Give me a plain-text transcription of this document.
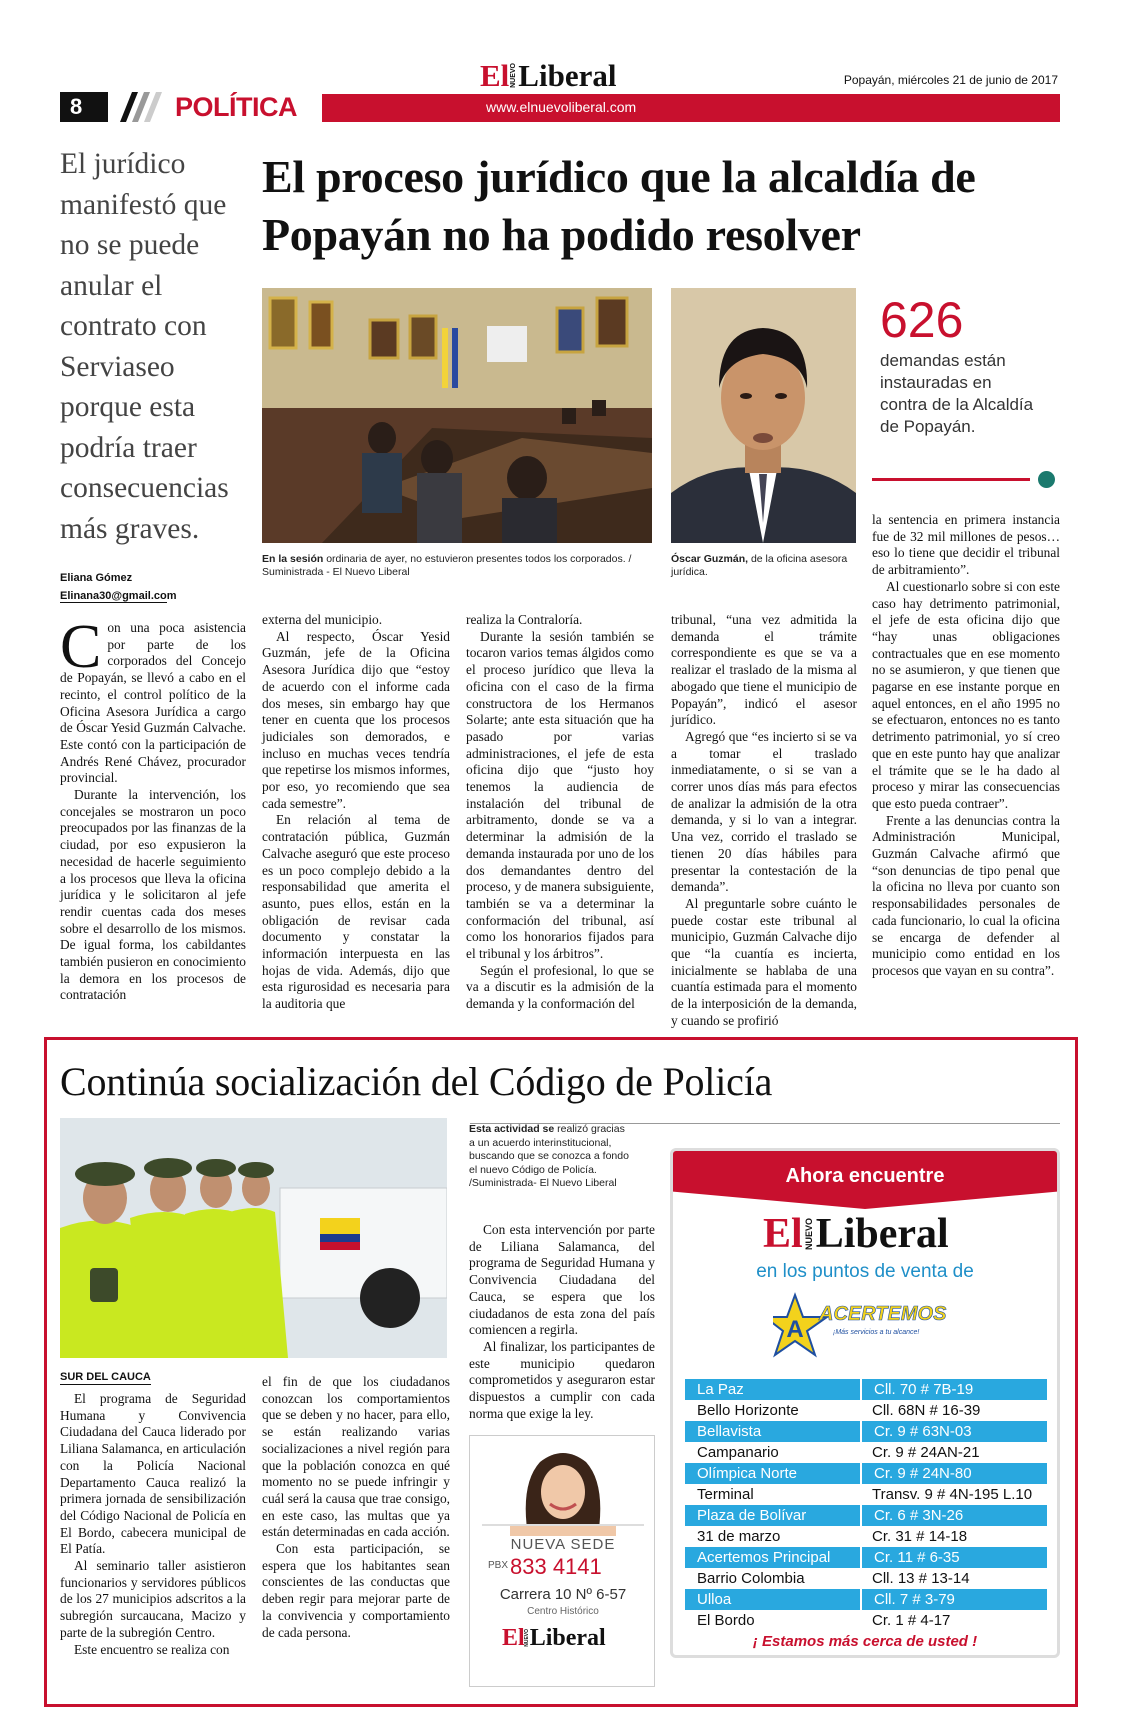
8	POLÍTICA
El NUEVO Liberal
www.elnuevoliberal.com
Popayán, miércoles 21 de junio de 2017
El jurídico manifestó que no se puede anular el contrato con Serviaseo porque esta podría traer consecuencias más graves.
El proceso jurídico que la alcaldía de Popayán no ha podido resolver
Eliana Gómez
Elinana30@gmail.com
En la sesión ordinaria de ayer, no estuvieron presentes todos los corporados. / Suministrada - El Nuevo Liberal
Óscar Guzmán, de la oficina asesora jurídica.
626
demandas están instauradas en contra de la Alcaldía de Popayán.

Con una poca asistencia por parte de los corporados del Concejo de Popayán, se llevó a cabo en el recinto, el control político de la Oficina Asesora Jurídica a cargo de Óscar Yesid Guzmán Calvache. Este contó con la participación de Andrés René Chávez, procurador provincial.

Durante la intervención, los concejales se mostraron un poco preocupados por las finanzas de la ciudad, por eso expusieron la necesidad de hacerle seguimiento a los procesos que lleva la oficina jurídica y le solicitaron al jefe rendir cuentas cada dos meses sobre el desarrollo de los mismos. De igual forma, los cabildantes también pusieron en conocimiento la demora en los procesos de contratación

externa del municipio.

Al respecto, Óscar Yesid Guzmán, jefe de la Oficina Asesora Jurídica dijo que “estoy de acuerdo con el informe cada dos meses, sin embargo hay que tener en cuenta que los procesos judiciales son demorados, e incluso en muchas veces tendría que repetirse los mismos informes, por eso, yo recomiendo que sea cada semestre”.

En relación al tema de contratación pública, Guzmán Calvache aseguró que este proceso es un poco complejo debido a la responsabilidad que amerita el asunto, pues ellos, están en la obligación de revisar cada documento y constatar la información interpuesta en las hojas de vida. Además, dijo que esta rigurosidad es necesaria para la auditoria que

realiza la Contraloría.

Durante la sesión también se tocaron varios temas álgidos como el proceso jurídico que lleva la oficina con el caso de la firma constructora de los Hermanos Solarte; ante esta situación que ha pasado por varias administraciones, el jefe de esta oficina dijo que “justo hoy tenemos la audiencia de instalación del tribunal de arbitramento, donde se va a determinar la admisión de la demanda instaurada por uno de los dos demandantes dentro del proceso, y de manera subsiguiente, también se va a determinar la conformación del tribunal, así como los honorarios fijados para el tribunal y los árbitros”.

Según el profesional, lo que se va a discutir es la admisión de la demanda y la conformación del

tribunal, “una vez admitida la demanda el trámite correspondiente es que se va a realizar el traslado de la misma al abogado que tiene el municipio de Popayán”, indicó el asesor jurídico.

Agregó que “es incierto si se va a tomar el traslado inmediatamente, o si se van a correr unos días más para efectos de analizar la admisión de la otra demanda, y si lo van a integrar. Una vez, corrido el traslado se tienen 20 días hábiles para presentar la contestación de la demanda”.

Al preguntarle sobre cuánto le puede costar este tribunal al municipio, Guzmán Calvache dijo que “la cuantía es incierta, inicialmente se hablaba de una cuantía estimada para el momento de la interposición de la demanda, y cuando se profirió

la sentencia en primera instancia fue de 32 mil millones de pesos… eso lo tiene que decidir el tribunal de arbitramiento”.

Al cuestionarlo sobre si con este caso hay detrimento patrimonial, el jefe de esta oficina dijo que “hay unas obligaciones contractuales que en ese momento no se asumieron, y que tienen que pagarse en ese instante porque en aquel entonces, en el año 1995 no se efectuaron, entonces no es tanto detrimento patrimonial, yo sí creo que en este punto hay que analizar el trámite que se le ha dado al proceso y mirar las consecuencias que esto pueda contraer”.

Frente a las denuncias contra la Administración Municipal, Guzmán Calvache afirmó que “son denuncias de tipo penal que la oficina no lleva por cuanto son responsabilidades personales de cada funcionario, lo cual la oficina se encarga de defender al municipio como entidad en los procesos que vayan en su contra”.

Continúa socialización del Código de Policía
SUR DEL CAUCA
Esta actividad se realizó gracias a un acuerdo interinstitucional, buscando que se conozca a fondo el nuevo Código de Policía. /Suministrada- El Nuevo Liberal

El programa de Seguridad Humana y Convivencia Ciudadana del Cauca liderado por Liliana Salamanca, en articulación con la Policía Nacional Departamento Cauca realizó la primera jornada de sensibilización del Código Nacional de Policía en El Bordo, cabecera municipal de El Patía.

Al seminario taller asistieron funcionarios y servidores públicos de los 27 municipios adscritos a la subregión surcaucana, Macizo y parte de la subregión Centro.

Este encuentro se realiza con

el fin de que los ciudadanos conozcan los comportamientos que se deben y no hacer, para ello, se están realizando varias socializaciones a nivel región para que la población conozca en qué momento no se puede infringir y cuál será la causa que trae consigo, en este caso, las multas que ya están determinadas en cada acción.

Con esta participación, se espera que los habitantes sean conscientes de las conductas que deben regir para mejorar parte de la convivencia y comportamiento de cada persona.

Con esta intervención por parte de Liliana Salamanca, del programa de Seguridad Humana y Convivencia Ciudadana del Cauca, se espera que los ciudadanos de esta zona del país comiencen a regirla.

Al finalizar, los participantes de este municipio quedaron comprometidos y aseguraron estar dispuestos a cumplir con cada norma que exige la ley.

NUEVA SEDE
PBX 833 4141
Carrera 10 Nº 6-57
Centro Histórico
El NUEVO Liberal
Ahora encuentre
El NUEVO Liberal
en los puntos de venta de
A
ACERTEMOS
¡Más servicios a tu alcance!
La Paz	Cll. 70 # 7B-19
Bello Horizonte	Cll. 68N # 16-39
Bellavista	Cr. 9 # 63N-03
Campanario	Cr. 9 # 24AN-21
Olímpica Norte	Cr. 9 # 24N-80
Terminal	Transv. 9 # 4N-195 L.10
Plaza de Bolívar	Cr. 6 # 3N-26
31 de marzo	Cr. 31 # 14-18
Acertemos Principal	Cr. 11 # 6-35
Barrio Colombia	Cll. 13 # 13-14
Ulloa	Cll. 7 # 3-79
El Bordo	Cr. 1 # 4-17
¡ Estamos más cerca de usted !
